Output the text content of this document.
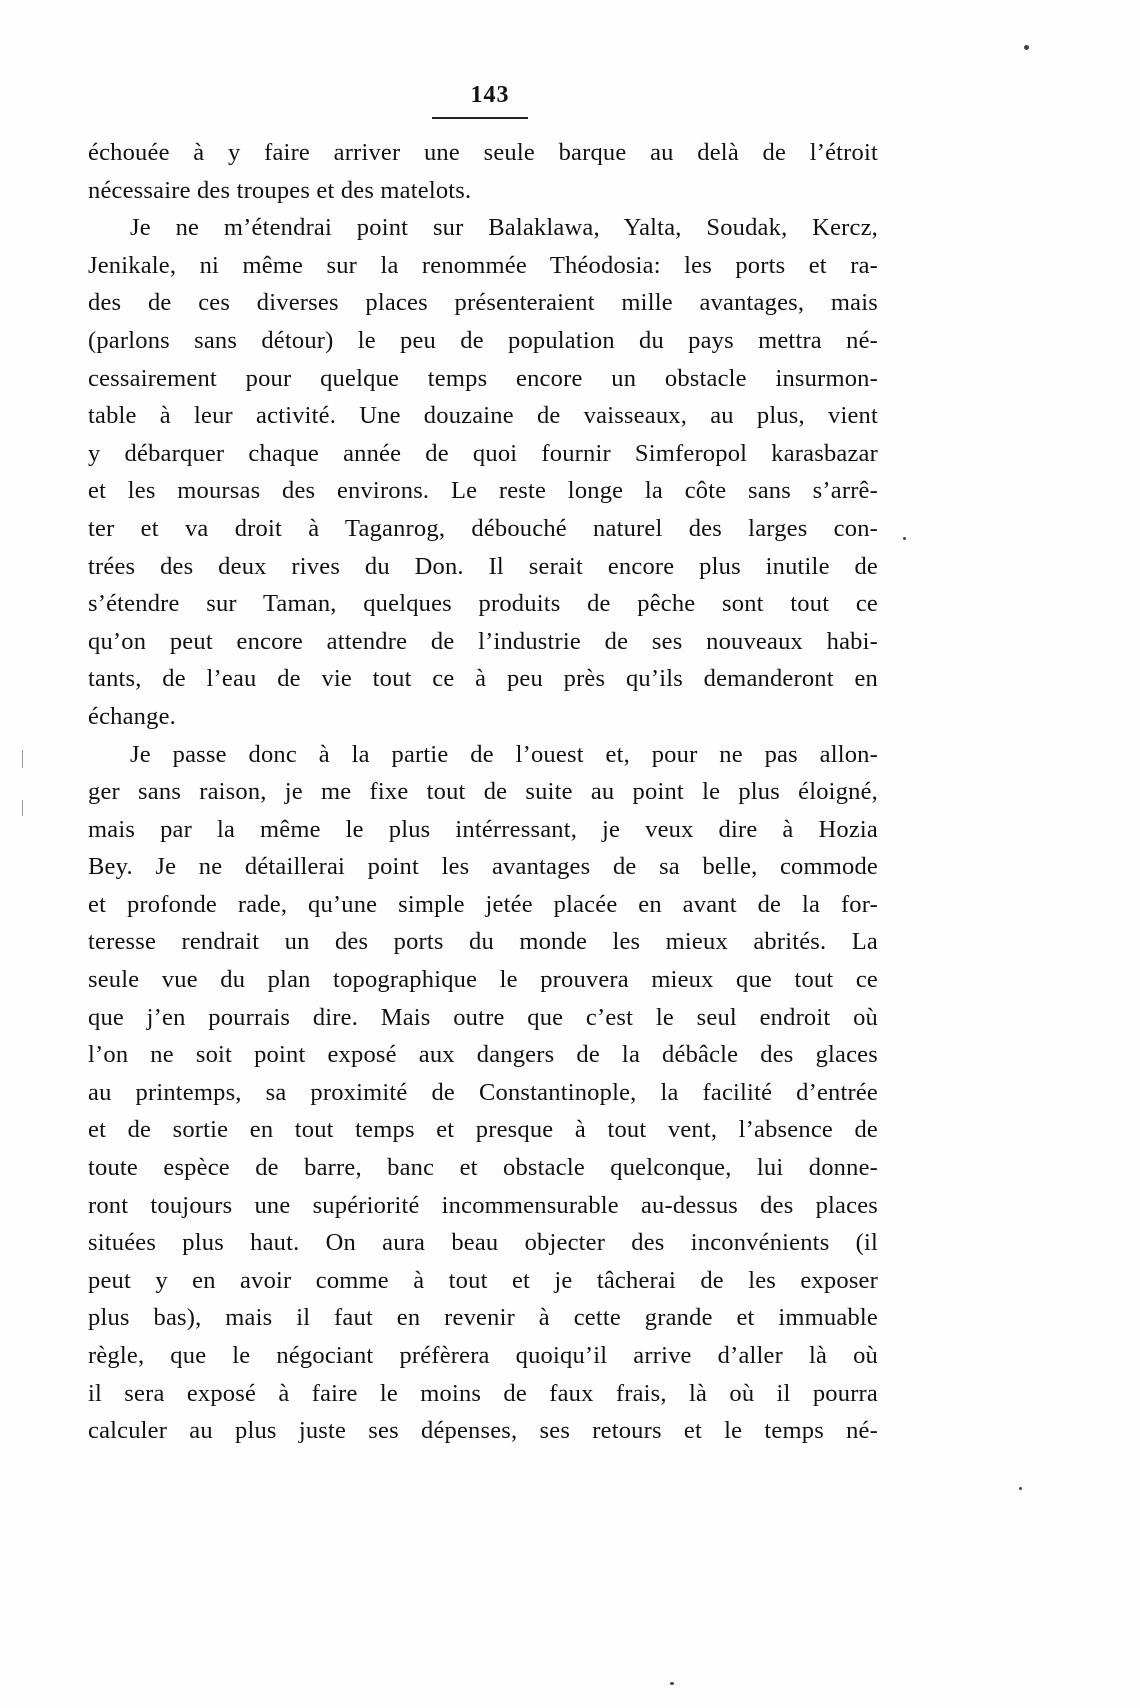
143
échouée à y faire arriver une seule barque au delà de l’étroit
nécessaire des troupes et des matelots.
Je ne m’étendrai point sur Balaklawa, Yalta, Soudak, Kercz,
Jenikale, ni même sur la renommée Théodosia: les ports et ra-
des de ces diverses places présenteraient mille avantages, mais
(parlons sans détour) le peu de population du pays mettra né-
cessairement pour quelque temps encore un obstacle insurmon-
table à leur activité. Une douzaine de vaisseaux, au plus, vient
y débarquer chaque année de quoi fournir Simferopol karasbazar
et les moursas des environs. Le reste longe la côte sans s’arrê-
ter et va droit à Taganrog, débouché naturel des larges con-
trées des deux rives du Don. Il serait encore plus inutile de
s’étendre sur Taman, quelques produits de pêche sont tout ce
qu’on peut encore attendre de l’industrie de ses nouveaux habi-
tants, de l’eau de vie tout ce à peu près qu’ils demanderont en
échange.
Je passe donc à la partie de l’ouest et, pour ne pas allon-
ger sans raison, je me fixe tout de suite au point le plus éloigné,
mais par la même le plus intérressant, je veux dire à Hozia
Bey. Je ne détaillerai point les avantages de sa belle, commode
et profonde rade, qu’une simple jetée placée en avant de la for-
teresse rendrait un des ports du monde les mieux abrités. La
seule vue du plan topographique le prouvera mieux que tout ce
que j’en pourrais dire. Mais outre que c’est le seul endroit où
l’on ne soit point exposé aux dangers de la débâcle des glaces
au printemps, sa proximité de Constantinople, la facilité d’entrée
et de sortie en tout temps et presque à tout vent, l’absence de
toute espèce de barre, banc et obstacle quelconque, lui donne-
ront toujours une supériorité incommensurable au-dessus des places
situées plus haut. On aura beau objecter des inconvénients (il
peut y en avoir comme à tout et je tâcherai de les exposer
plus bas), mais il faut en revenir à cette grande et immuable
règle, que le négociant préfèrera quoiqu’il arrive d’aller là où
il sera exposé à faire le moins de faux frais, là où il pourra
calculer au plus juste ses dépenses, ses retours et le temps né-
